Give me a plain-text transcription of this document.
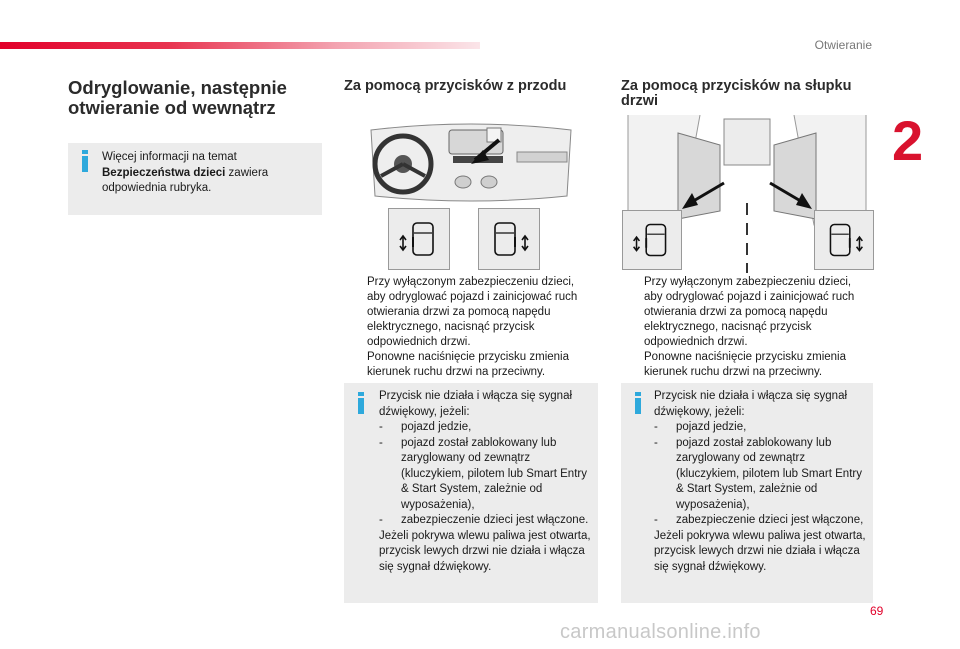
Otwieranie
2
Odryglowanie, następnie
otwieranie od wewnątrz
Więcej informacji na temat
Bezpieczeństwa dzieci zawiera
odpowiednia rubryka.
Za pomocą przycisków z przodu
Przy wyłączonym zabezpieczeniu dzieci, aby odryglować pojazd i zainicjować ruch otwierania drzwi za pomocą napędu elektrycznego, nacisnąć przycisk odpowiednich drzwi.
Ponowne naciśnięcie przycisku zmienia kierunek ruchu drzwi na przeciwny.
Przycisk nie działa i włącza się sygnał dźwiękowy, jeżeli:
- pojazd jedzie,
- pojazd został zablokowany lub zaryglowany od zewnątrz (kluczykiem, pilotem lub Smart Entry & Start System, zależnie od wyposażenia),
- zabezpieczenie dzieci jest włączone.
Jeżeli pokrywa wlewu paliwa jest otwarta, przycisk lewych drzwi nie działa i włącza się sygnał dźwiękowy.
Za pomocą przycisków na słupku
drzwi
Przy wyłączonym zabezpieczeniu dzieci, aby odryglować pojazd i zainicjować ruch otwierania drzwi za pomocą napędu elektrycznego, nacisnąć przycisk odpowiednich drzwi.
Ponowne naciśnięcie przycisku zmienia kierunek ruchu drzwi na przeciwny.
Przycisk nie działa i włącza się sygnał dźwiękowy, jeżeli:
- pojazd jedzie,
- pojazd został zablokowany lub zaryglowany od zewnątrz (kluczykiem, pilotem lub Smart Entry & Start System, zależnie od wyposażenia),
- zabezpieczenie dzieci jest włączone,
Jeżeli pokrywa wlewu paliwa jest otwarta, przycisk lewych drzwi nie działa i włącza się sygnał dźwiękowy.
69
carmanualsonline.info
